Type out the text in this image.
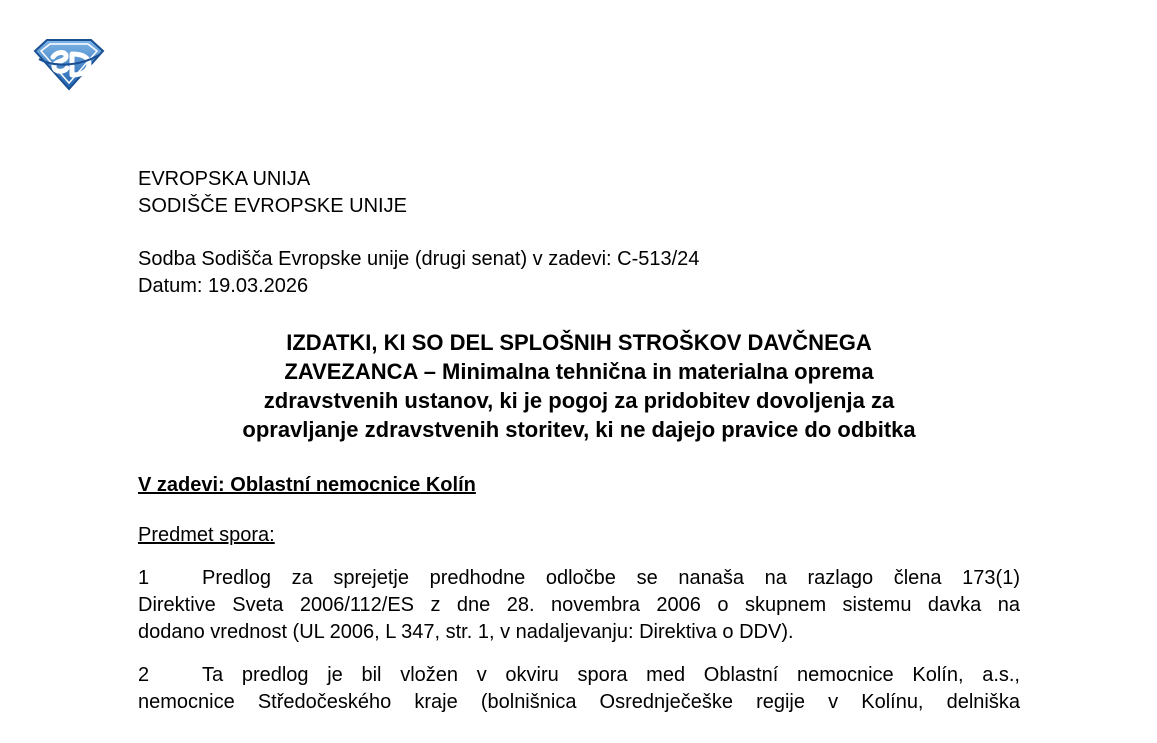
EVROPSKA UNIJA
SODIŠČE EVROPSKE UNIJE
Sodba Sodišča Evropske unije (drugi senat) v zadevi: C-513/24
Datum: 19.03.2026
IZDATKI, KI SO DEL SPLOŠNIH STROŠKOV DAVČNEGA
ZAVEZANCA – Minimalna tehnična in materialna oprema
zdravstvenih ustanov, ki je pogoj za pridobitev dovoljenja za
opravljanje zdravstvenih storitev, ki ne dajejo pravice do odbitka
V zadevi: Oblastní nemocnice Kolín
Predmet spora:
1	Predlog za sprejetje predhodne odločbe se nanaša na razlago člena 173(1)
Direktive Sveta 2006/112/ES z dne 28. novembra 2006 o skupnem sistemu davka na
dodano vrednost (UL 2006, L 347, str. 1, v nadaljevanju: Direktiva o DDV).
2	Ta predlog je bil vložen v okviru spora med Oblastní nemocnice Kolín, a.s.,
nemocnice Středočeského kraje (bolnišnica Osrednječeške regije v Kolínu, delniška
